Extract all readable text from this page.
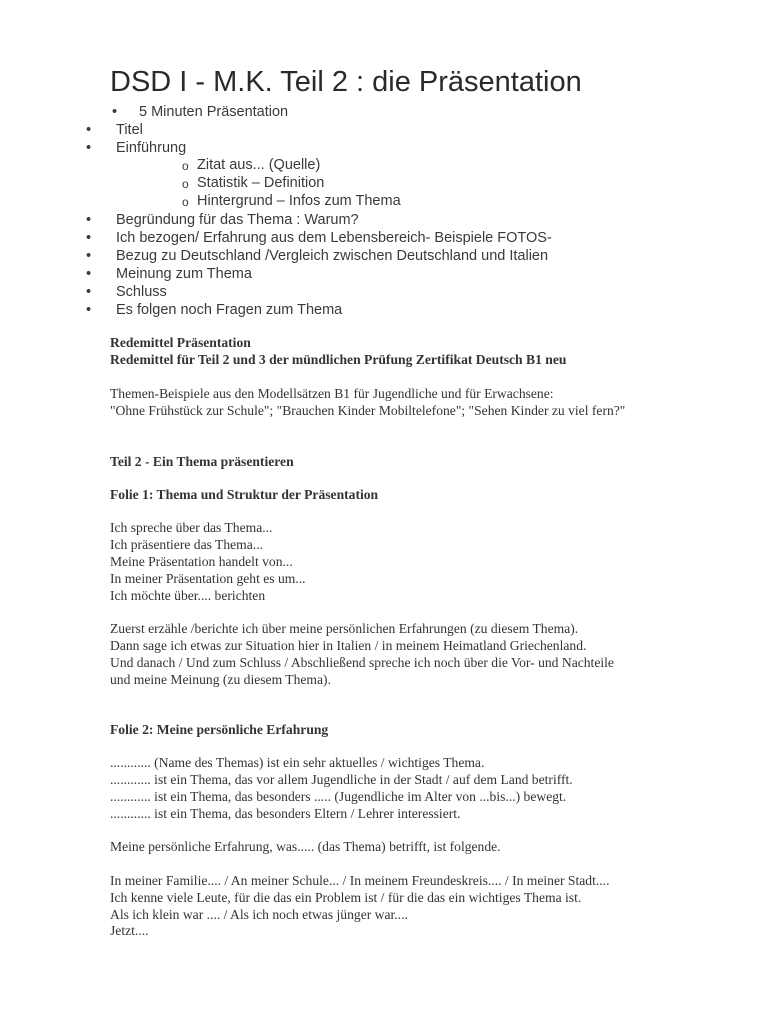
DSD I - M.K. Teil 2 : die Präsentation
• 5 Minuten Präsentation
• Titel
• Einführung
o Zitat aus... (Quelle)
o Statistik – Definition
o Hintergrund – Infos zum Thema
• Begründung für das Thema : Warum?
• Ich bezogen/ Erfahrung aus dem Lebensbereich- Beispiele FOTOS-
• Bezug zu Deutschland /Vergleich zwischen Deutschland und Italien
• Meinung zum Thema
• Schluss
• Es folgen noch Fragen zum Thema
Redemittel Präsentation
Redemittel für Teil 2 und 3 der mündlichen Prüfung Zertifikat Deutsch B1 neu
Themen-Beispiele aus den Modellsätzen B1 für Jugendliche und für Erwachsene:
"Ohne Frühstück zur Schule"; "Brauchen Kinder Mobiltelefone"; "Sehen Kinder zu viel fern?"
Teil 2 - Ein Thema präsentieren
Folie 1: Thema und Struktur der Präsentation
Ich spreche über das Thema...
Ich präsentiere das Thema...
Meine Präsentation handelt von...
In meiner Präsentation geht es um...
Ich möchte über.... berichten
Zuerst erzähle /berichte ich über meine persönlichen Erfahrungen (zu diesem Thema).
Dann sage ich etwas zur Situation hier in Italien / in meinem Heimatland Griechenland.
Und danach / Und zum Schluss / Abschließend spreche ich noch über die Vor- und Nachteile
und meine Meinung (zu diesem Thema).
Folie 2: Meine persönliche Erfahrung
............ (Name des Themas) ist ein sehr aktuelles / wichtiges Thema.
............ ist ein Thema, das vor allem Jugendliche in der Stadt / auf dem Land betrifft.
............ ist ein Thema, das besonders ..... (Jugendliche im Alter von ...bis...) bewegt.
............ ist ein Thema, das besonders Eltern / Lehrer interessiert.
Meine persönliche Erfahrung, was..... (das Thema) betrifft, ist folgende.
In meiner Familie.... / An meiner Schule... / In meinem Freundeskreis.... / In meiner Stadt....
Ich kenne viele Leute, für die das ein Problem ist / für die das ein wichtiges Thema ist.
Als ich klein war .... / Als ich noch etwas jünger war....
Jetzt....
